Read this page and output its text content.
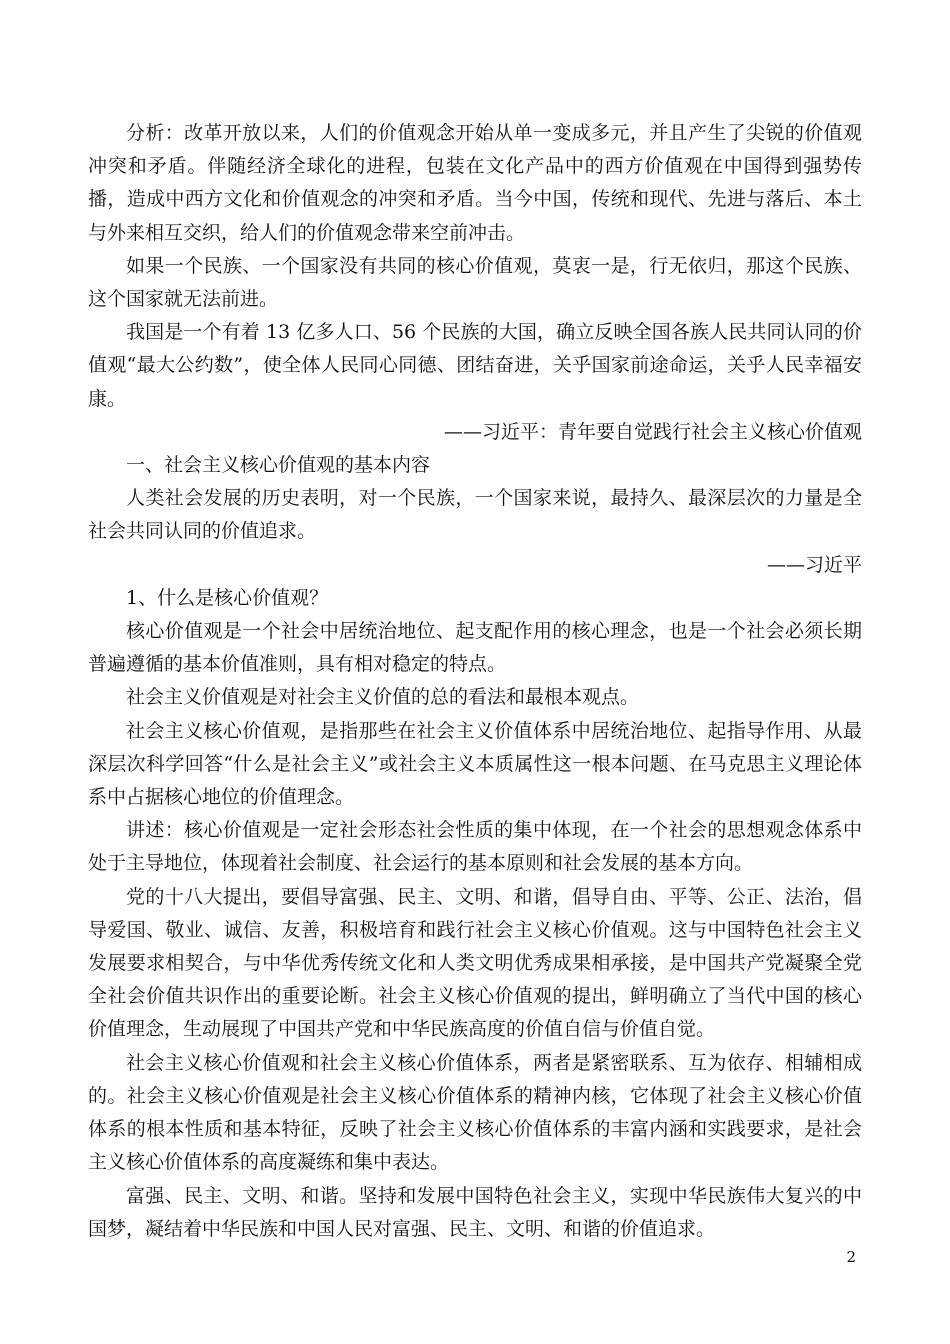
分析：改革开放以来，人们的价值观念开始从单一变成多元，并且产生了尖锐的价值观冲突和矛盾。伴随经济全球化的进程，包装在文化产品中的西方价值观在中国得到强势传播，造成中西方文化和价值观念的冲突和矛盾。当今中国，传统和现代、先进与落后、本土与外来相互交织，给人们的价值观念带来空前冲击。

如果一个民族、一个国家没有共同的核心价值观，莫衷一是，行无依归，那这个民族、这个国家就无法前进。

我国是一个有着 13 亿多人口、56 个民族的大国，确立反映全国各族人民共同认同的价值观“最大公约数”，使全体人民同心同德、团结奋进，关乎国家前途命运，关乎人民幸福安康。

——习近平：青年要自觉践行社会主义核心价值观

一、社会主义核心价值观的基本内容

人类社会发展的历史表明，对一个民族，一个国家来说，最持久、最深层次的力量是全社会共同认同的价值追求。

——习近平

1、什么是核心价值观？

核心价值观是一个社会中居统治地位、起支配作用的核心理念，也是一个社会必须长期普遍遵循的基本价值准则，具有相对稳定的特点。

社会主义价值观是对社会主义价值的总的看法和最根本观点。

社会主义核心价值观，是指那些在社会主义价值体系中居统治地位、起指导作用、从最深层次科学回答“什么是社会主义”或社会主义本质属性这一根本问题、在马克思主义理论体系中占据核心地位的价值理念。

讲述：核心价值观是一定社会形态社会性质的集中体现，在一个社会的思想观念体系中处于主导地位，体现着社会制度、社会运行的基本原则和社会发展的基本方向。

党的十八大提出，要倡导富强、民主、文明、和谐，倡导自由、平等、公正、法治，倡导爱国、敬业、诚信、友善，积极培育和践行社会主义核心价值观。这与中国特色社会主义发展要求相契合，与中华优秀传统文化和人类文明优秀成果相承接，是中国共产党凝聚全党全社会价值共识作出的重要论断。社会主义核心价值观的提出，鲜明确立了当代中国的核心价值理念，生动展现了中国共产党和中华民族高度的价值自信与价值自觉。

社会主义核心价值观和社会主义核心价值体系，两者是紧密联系、互为依存、相辅相成的。社会主义核心价值观是社会主义核心价值体系的精神内核，它体现了社会主义核心价值体系的根本性质和基本特征，反映了社会主义核心价值体系的丰富内涵和实践要求，是社会主义核心价值体系的高度凝练和集中表达。

富强、民主、文明、和谐。坚持和发展中国特色社会主义，实现中华民族伟大复兴的中国梦，凝结着中华民族和中国人民对富强、民主、文明、和谐的价值追求。

2
